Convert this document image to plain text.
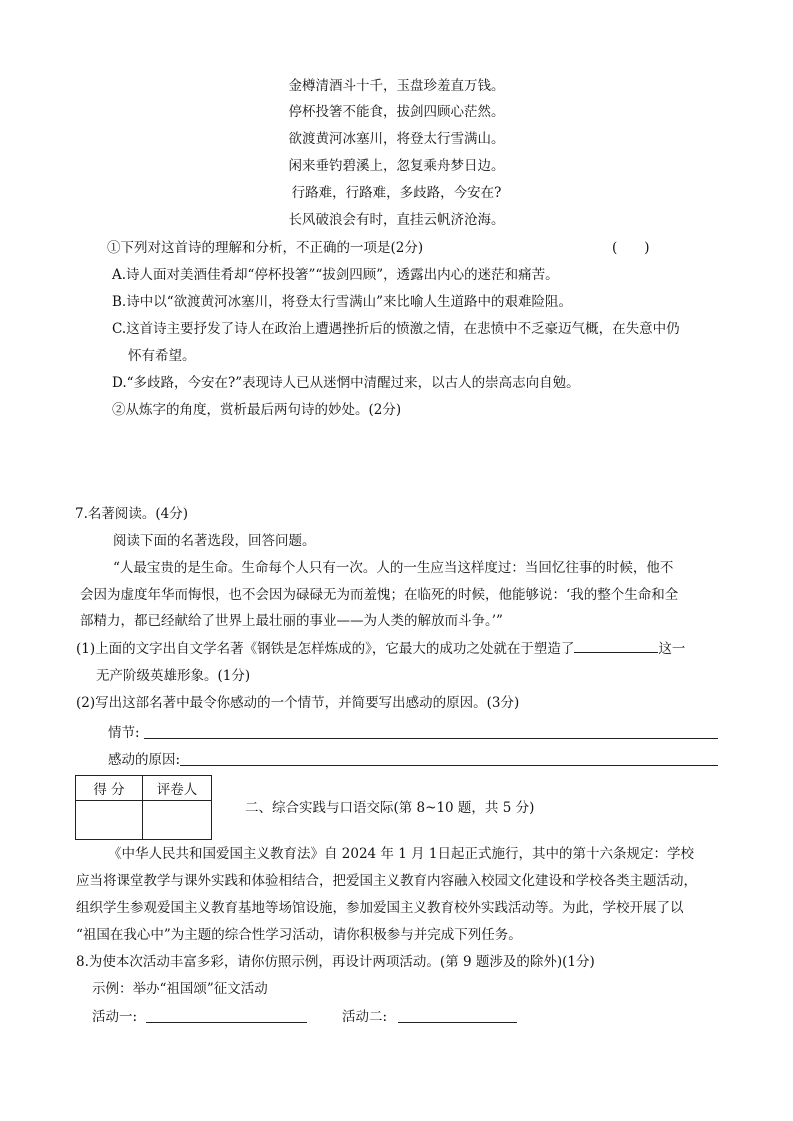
金樽清酒斗十千，玉盘珍羞直万钱。
停杯投箸不能食，拔剑四顾心茫然。
欲渡黄河冰塞川，将登太行雪满山。
闲来垂钓碧溪上，忽复乘舟梦日边。
行路难，行路难，多歧路，今安在?
长风破浪会有时，直挂云帆济沧海。
①下列对这首诗的理解和分析，不正确的一项是(2分)	(　　)
A.诗人面对美酒佳肴却“停杯投箸”“拔剑四顾”，透露出内心的迷茫和痛苦。
B.诗中以“欲渡黄河冰塞川，将登太行雪满山”来比喻人生道路中的艰难险阻。
C.这首诗主要抒发了诗人在政治上遭遇挫折后的愤激之情，在悲愤中不乏豪迈气概，在失意中仍
怀有希望。
D.“多歧路，今安在?”表现诗人已从迷惘中清醒过来，以古人的崇高志向自勉。
②从炼字的角度，赏析最后两句诗的妙处。(2分)
7.名著阅读。(4分)
阅读下面的名著选段，回答问题。
“人最宝贵的是生命。生命每个人只有一次。人的一生应当这样度过：当回忆往事的时候，他不
会因为虚度年华而悔恨，也不会因为碌碌无为而羞愧；在临死的时候，他能够说：‘我的整个生命和全
部精力，都已经献给了世界上最壮丽的事业——为人类的解放而斗争。’”
(1)上面的文字出自文学名著《钢铁是怎样炼成的》，它最大的成功之处就在于塑造了	这一
无产阶级英雄形象。(1分)
(2)写出这部名著中最令你感动的一个情节，并简要写出感动的原因。(3分)
情节:
感动的原因:
得 分	评卷人

二、综合实践与口语交际(第 8~10 题，共 5 分)
《中华人民共和国爱国主义教育法》自 2024 年 1 月 1日起正式施行，其中的第十六条规定：学校
应当将课堂教学与课外实践和体验相结合，把爱国主义教育内容融入校园文化建设和学校各类主题活动，
组织学生参观爱国主义教育基地等场馆设施，参加爱国主义教育校外实践活动等。为此，学校开展了以
“祖国在我心中”为主题的综合性学习活动，请你积极参与并完成下列任务。
8.为使本次活动丰富多彩，请你仿照示例，再设计两项活动。(第 9 题涉及的除外)(1分)
示例：举办“祖国颂”征文活动
活动一:	活动二:
